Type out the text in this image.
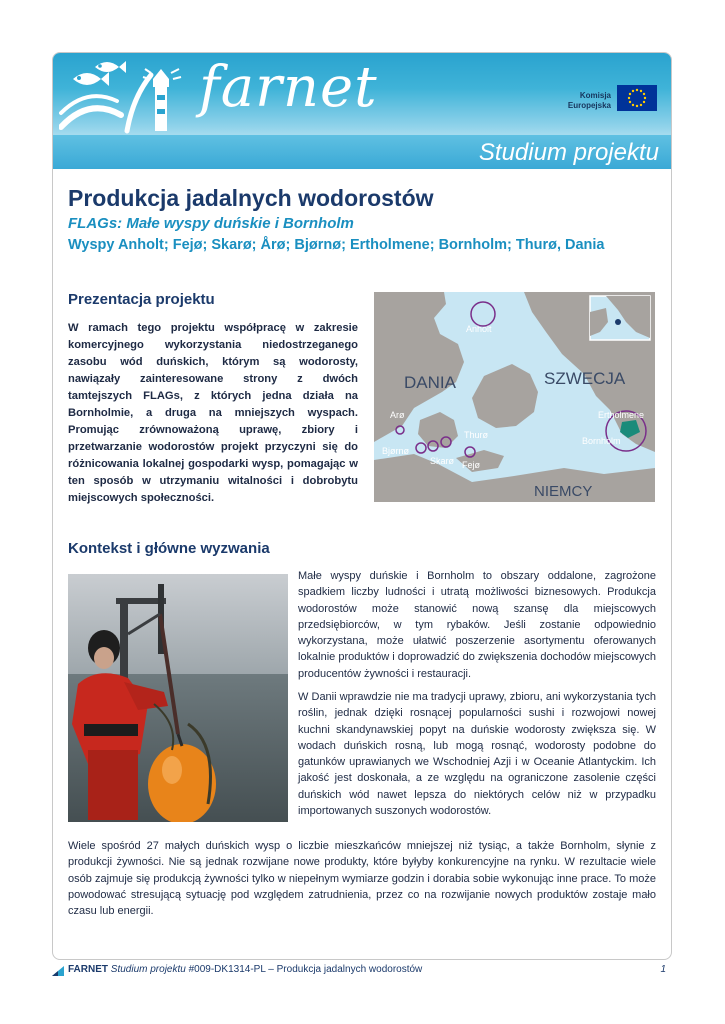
farnet	Komisja
Europejska
Studium projektu
Produkcja jadalnych wodorostów
FLAGs: Małe wyspy duńskie i Bornholm
Wyspy Anholt; Fejø; Skarø; Årø; Bjørnø; Ertholmene; Bornholm; Thurø, Dania
Prezentacja projektu
W ramach tego projektu współpracę w zakresie komercyjnego wykorzystania niedostrzeganego zasobu wód duńskich, którym są wodorosty, nawiązały zainteresowane strony z dwóch tamtejszych FLAGs, z których jedna działa na Bornholmie, a druga na mniejszych wyspach. Promując zrównoważoną uprawę, zbiory i przetwarzanie wodorostów projekt przyczyni się do różnicowania lokalnej gospodarki wysp, pomagając w ten sposób w utrzymaniu witalności i dobrobytu miejscowych społeczności.
Anholt
DANIA	SZWECJA
Arø	Ertholmene
Thurø
Bornholm
Bjørnø
Skarø Fejø
NIEMCY
Kontekst i główne wyzwania
Małe wyspy duńskie i Bornholm to obszary oddalone, zagrożone spadkiem liczby ludności i utratą możliwości biznesowych. Produkcja wodorostów może stanowić nową szansę dla miejscowych przedsiębiorców, w tym rybaków. Jeśli zostanie odpowiednio wykorzystana, może ułatwić poszerzenie asortymentu oferowanych lokalnie produktów i doprowadzić do zwiększenia dochodów miejscowych producentów żywności i restauracji.
W Danii wprawdzie nie ma tradycji uprawy, zbioru, ani wykorzystania tych roślin, jednak dzięki rosnącej popularności sushi i rozwojowi nowej kuchni skandynawskiej popyt na duńskie wodorosty zwiększa się. W wodach duńskich rosną, lub mogą rosnąć, wodorosty podobne do gatunków uprawianych we Wschodniej Azji i w Oceanie Atlantyckim. Ich jakość jest doskonała, a ze względu na ograniczone zasolenie części duńskich wód nawet lepsza do niektórych celów niż w przypadku importowanych suszonych wodorostów.
Wiele spośród 27 małych duńskich wysp o liczbie mieszkańców mniejszej niż tysiąc, a także Bornholm, słynie z produkcji żywności. Nie są jednak rozwijane nowe produkty, które byłyby konkurencyjne na rynku. W rezultacie wiele osób zajmuje się produkcją żywności tylko w niepełnym wymiarze godzin i dorabia sobie wykonując inne prace. To może powodować stresującą sytuację pod względem zatrudnienia, przez co na rozwijanie nowych produktów zostaje mało czasu lub energii.
FARNET Studium projektu #009-DK1314-PL – Produkcja jadalnych wodorostów	1
